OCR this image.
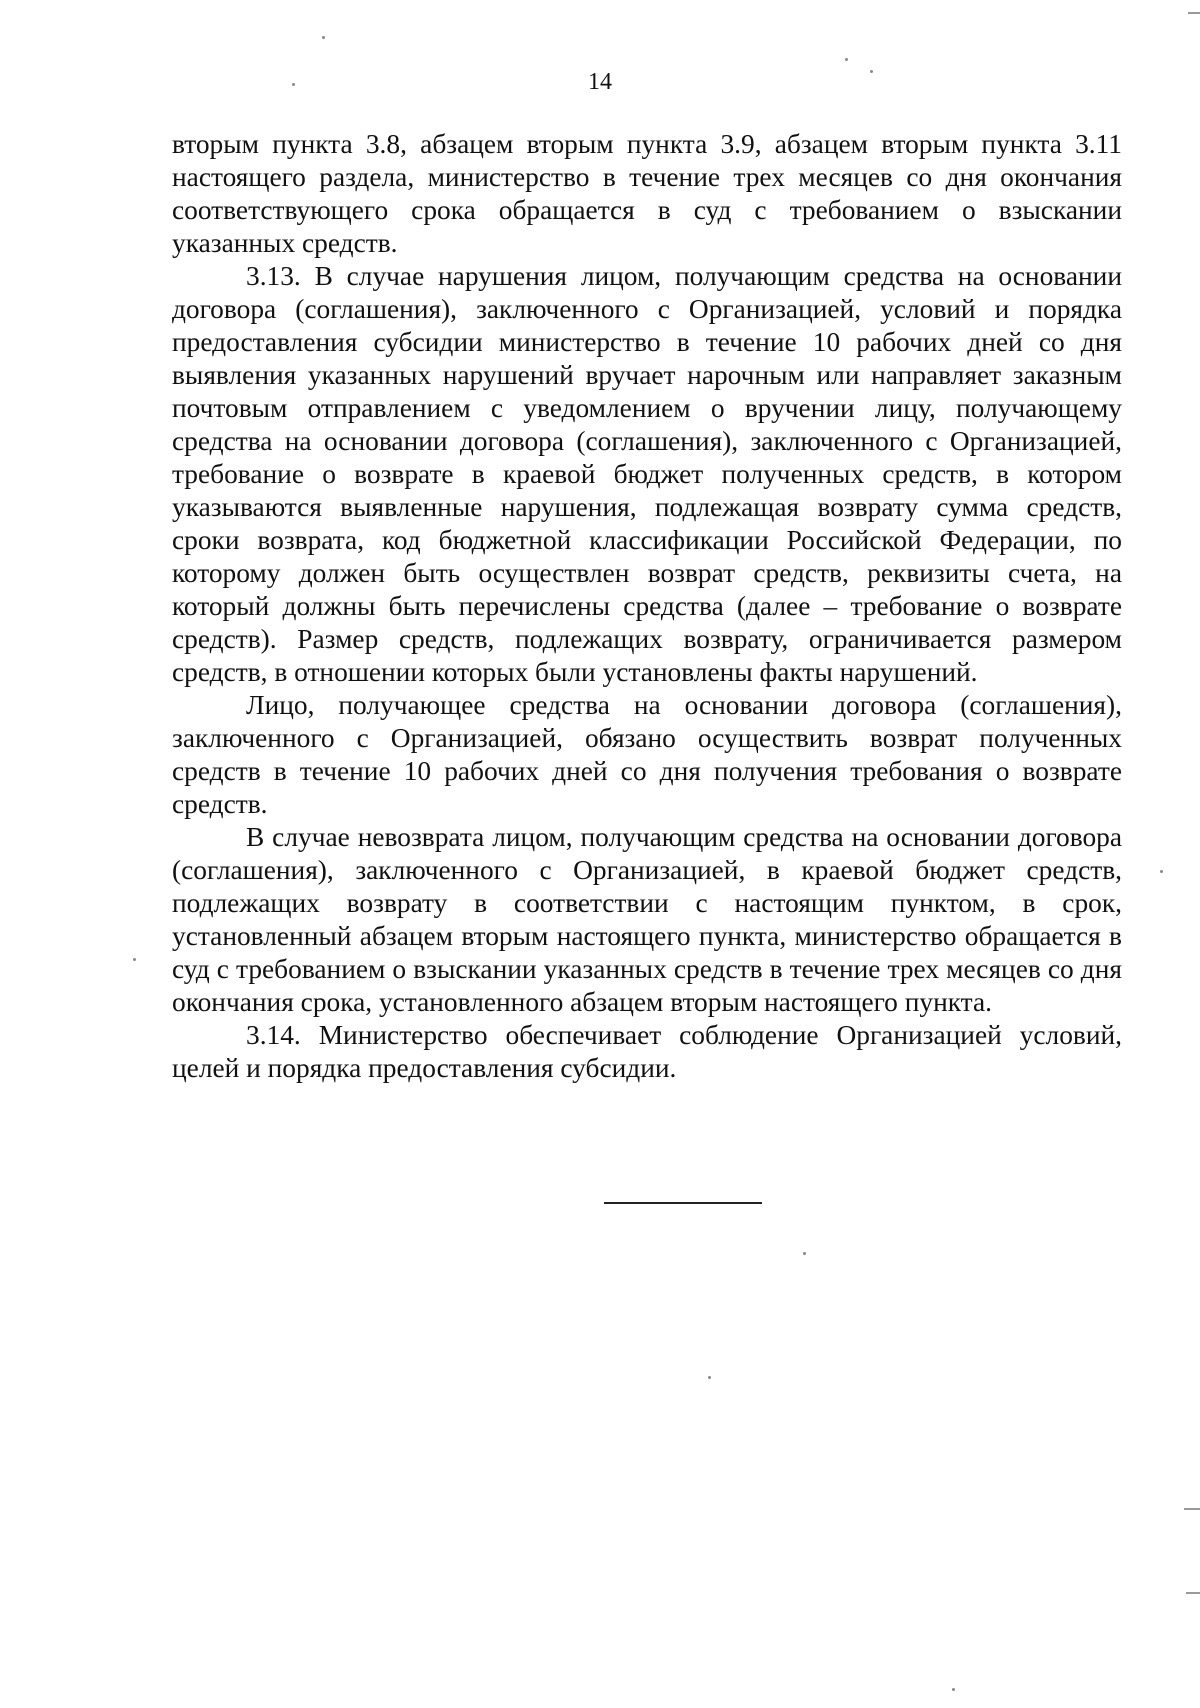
14

вторым пункта 3.8, абзацем вторым пункта 3.9, абзацем вторым пункта 3.11 настоящего раздела, министерство в течение трех месяцев со дня окончания соответствующего срока обращается в суд с требованием о взыскании указанных средств.

3.13. В случае нарушения лицом, получающим средства на основании договора (соглашения), заключенного с Организацией, условий и порядка предоставления субсидии министерство в течение 10 рабочих дней со дня выявления указанных нарушений вручает нарочным или направляет заказным почтовым отправлением с уведомлением о вручении лицу, получающему средства на основании договора (соглашения), заключенного с Организацией, требование о возврате в краевой бюджет полученных средств, в котором указываются выявленные нарушения, подлежащая возврату сумма средств, сроки возврата, код бюджетной классификации Российской Федерации, по которому должен быть осуществлен возврат средств, реквизиты счета, на который должны быть перечислены средства (далее – требование о возврате средств). Размер средств, подлежащих возврату, ограничивается размером средств, в отношении которых были установлены факты нарушений.

Лицо, получающее средства на основании договора (соглашения), заключенного с Организацией, обязано осуществить возврат полученных средств в течение 10 рабочих дней со дня получения требования о возврате средств.

В случае невозврата лицом, получающим средства на основании договора (соглашения), заключенного с Организацией, в краевой бюджет средств, подлежащих возврату в соответствии с настоящим пунктом, в срок, установленный абзацем вторым настоящего пункта, министерство обращается в суд с требованием о взыскании указанных средств в течение трех месяцев со дня окончания срока, установленного абзацем вторым настоящего пункта.

3.14. Министерство обеспечивает соблюдение Организацией условий, целей и порядка предоставления субсидии.
